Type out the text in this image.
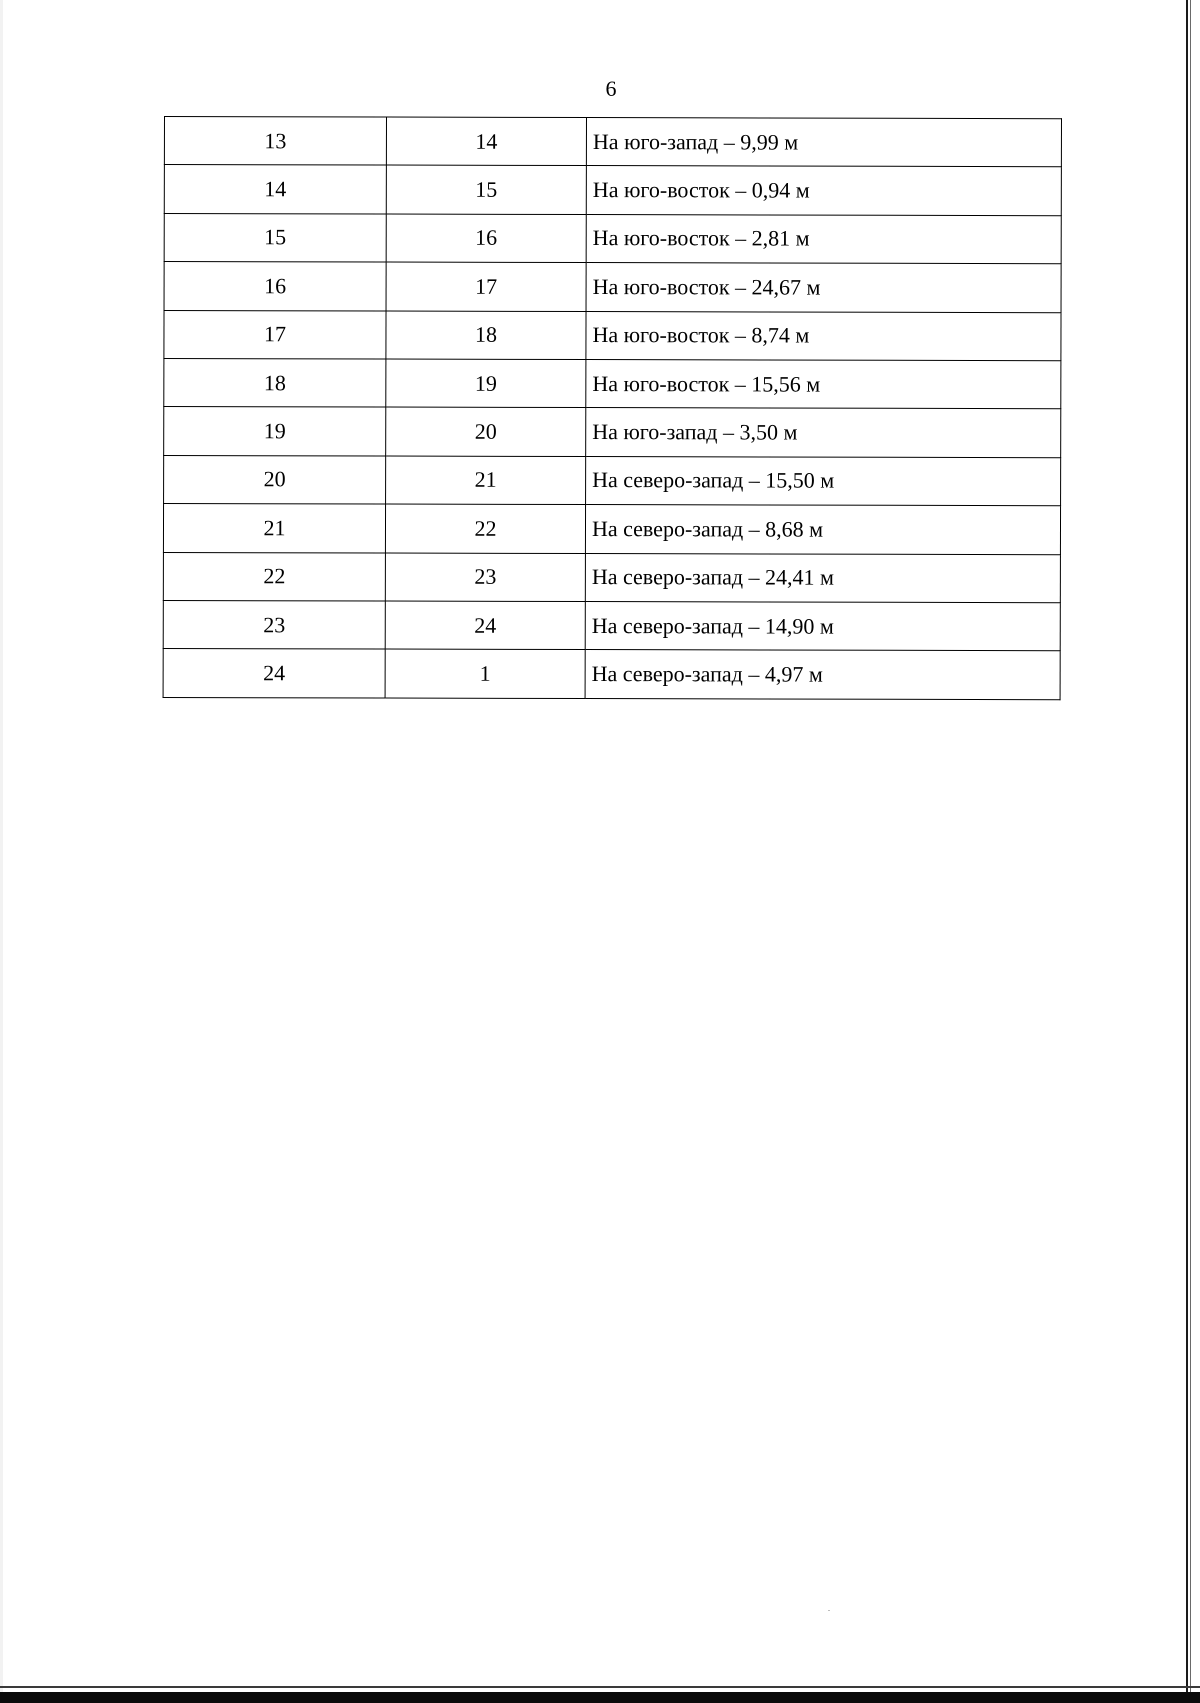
6
13	14	На юго-запад – 9,99 м
14	15	На юго-восток – 0,94 м
15	16	На юго-восток – 2,81 м
16	17	На юго-восток – 24,67 м
17	18	На юго-восток – 8,74 м
18	19	На юго-восток – 15,56 м
19	20	На юго-запад – 3,50 м
20	21	На северо-запад – 15,50 м
21	22	На северо-запад – 8,68 м
22	23	На северо-запад – 24,41 м
23	24	На северо-запад – 14,90 м
24	1	На северо-запад – 4,97 м
